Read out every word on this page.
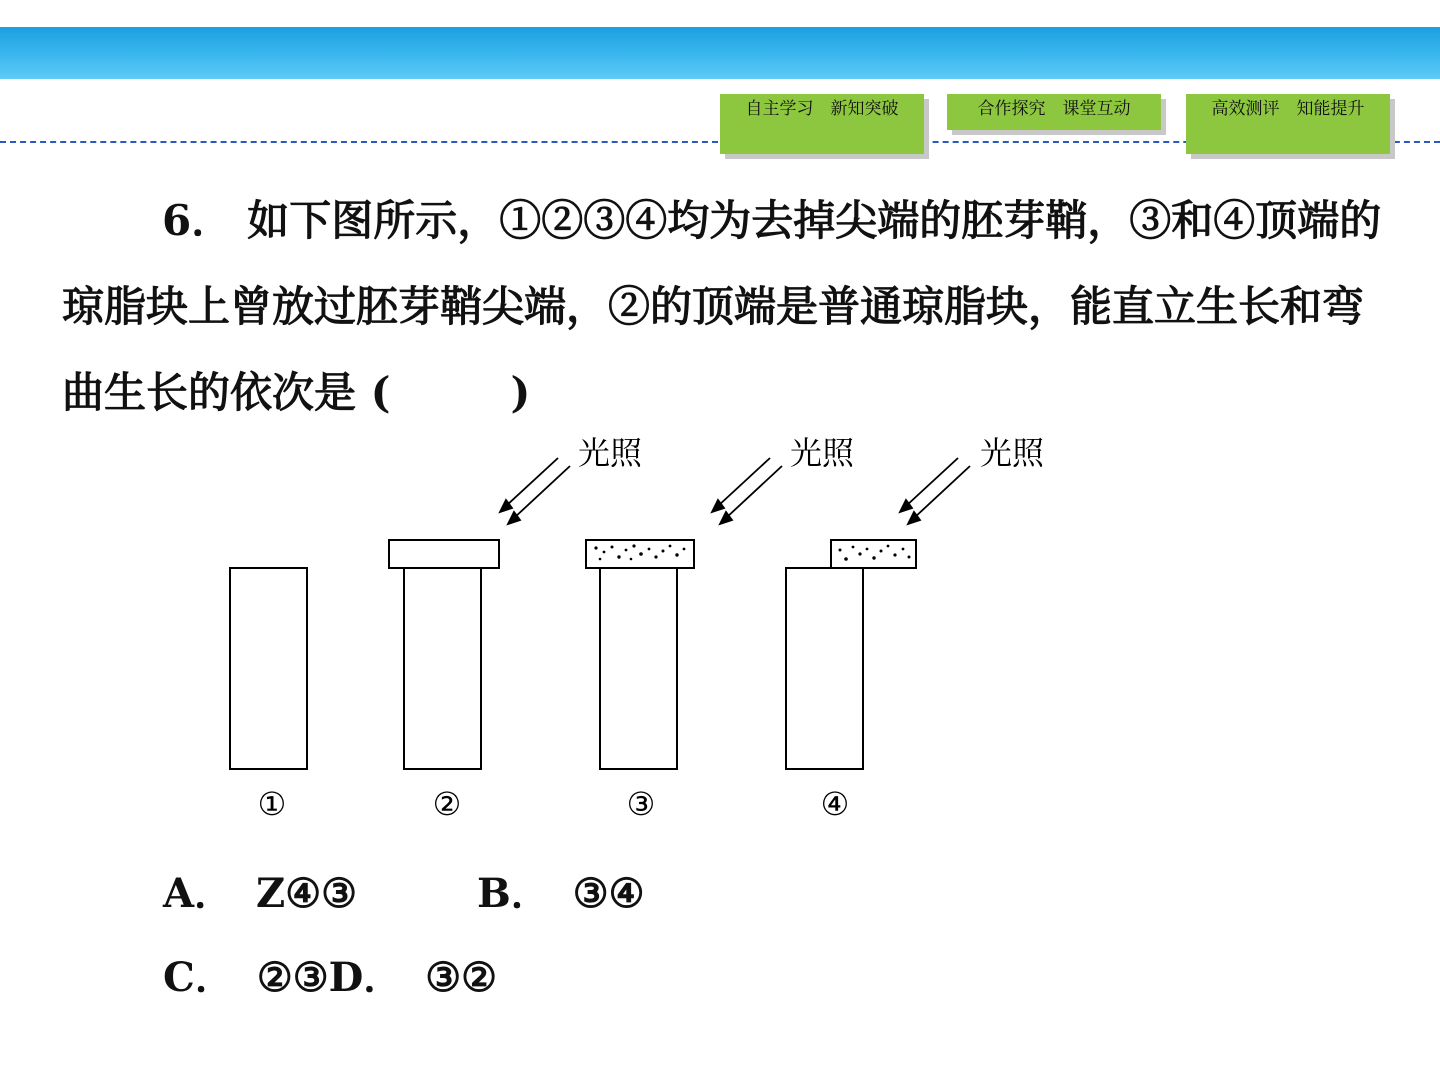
自主学习　新知突破	合作探究　课堂互动	高效测评　知能提升
6． 如下图所示，①②③④均为去掉尖端的胚芽鞘，③和④顶端的琼脂块上曾放过胚芽鞘尖端，②的顶端是普通琼脂块，能直立生长和弯曲生长的依次是 (	)
光照	光照	光照
①	②	③	④
A． Z④③	B． ③④
C． ②③D． ③②
